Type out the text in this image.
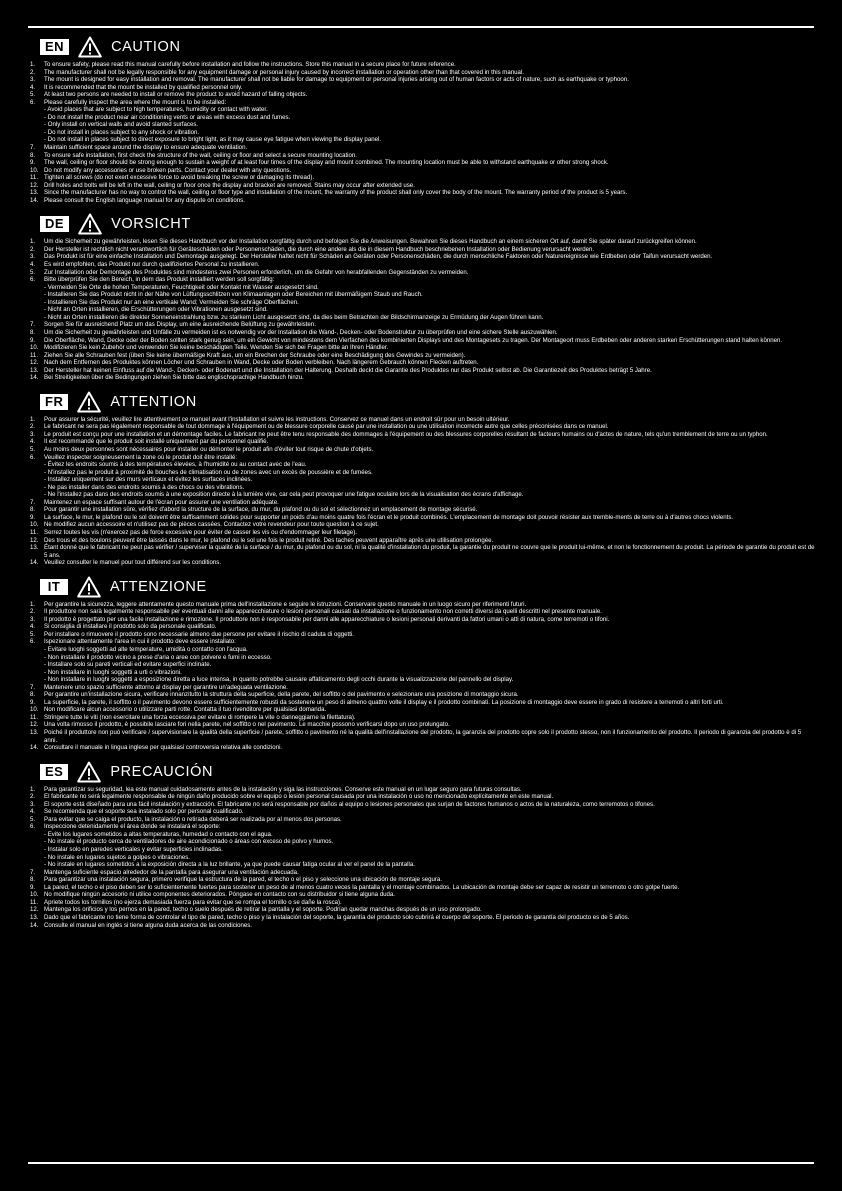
EN	CAUTION
1. To ensure safety, please read this manual carefully before installation and follow the instructions. Store this manual in a secure place for future reference.
2. The manufacturer shall not be legally responsible for any equipment damage or personal injury caused by incorrect installation or operation other than that covered in this manual.
3. The mount is designed for easy installation and removal. The manufacturer shall not be liable for damage to equipment or personal injuries arising out of human factors or acts of nature, such as earthquake or typhoon.
4. It is recommended that the mount be installed by qualified personnel only.
5. At least two persons are needed to install or remove the product to avoid hazard of falling objects.
6. Please carefully inspect the area where the mount is to be installed:
- Avoid places that are subject to high temperatures, humidity or contact with water.
- Do not install the product near air conditioning vents or areas with excess dust and fumes.
- Only install on vertical walls and avoid slanted surfaces.
- Do not install in places subject to any shock or vibration.
- Do not install in places subject to direct exposure to bright light, as it may cause eye fatigue when viewing the display panel.
7. Maintain sufficient space around the display to ensure adequate ventilation.
8. To ensure safe installation, first check the structure of the wall, ceiling or floor and select a secure mounting location.
9. The wall, ceiling or floor should be strong enough to sustain a weight of at least four times of the display and mount combined. The mounting location must be able to withstand earthquake or other strong shock.
10. Do not modify any accessories or use broken parts. Contact your dealer with any questions.
11. Tighten all screws (do not exert excessive force to avoid breaking the screw or damaging its thread).
12. Drill holes and bolts will be left in the wall, ceiling or floor once the display and bracket are removed. Stains may occur after extended use.
13. Since the manufacturer has no way to control the wall, ceiling or floor type and installation of the mount, the warranty of the product shall only cover the body of the mount. The warranty period of the product is 5 years.
14. Please consult the English language manual for any dispute on conditions.
DE	VORSICHT
1. Um die Sicherheit zu gewährleisten, lesen Sie dieses Handbuch vor der Installation sorgfältig durch und befolgen Sie die Anweisungen. Bewahren Sie dieses Handbuch an einem sicheren Ort auf, damit Sie später darauf zurückgreifen können.
2. Der Hersteller ist rechtlich nicht verantwortlich für Geräteschäden oder Personenschäden, die durch eine andere als die in diesem Handbuch beschriebenen Installation oder Bedienung verursacht werden.
3. Das Produkt ist für eine einfache Installation und Demontage ausgelegt. Der Hersteller haftet nicht für Schäden an Geräten oder Personenschäden, die durch menschliche Faktoren oder Naturereignisse wie Erdbeben oder Taifun verursacht werden.
4. Es wird empfohlen, das Produkt nur durch qualifiziertes Personal zu installieren.
5. Zur Installation oder Demontage des Produktes sind mindestens zwei Personen erforderlich, um die Gefahr von herabfallenden Gegenständen zu vermeiden.
6. Bitte überprüfen Sie den Bereich, in dem das Produkt installiert werden soll sorgfältig:
- Vermeiden Sie Orte die hohen Temperaturen, Feuchtigkeit oder Kontakt mit Wasser ausgesetzt sind.
- Installieren Sie das Produkt nicht in der Nähe von Lüftungsschlitzen von Klimaanlagen oder Bereichen mit übermäßigem Staub und Rauch.
- Installieren Sie das Produkt nur an eine vertikale Wand; Vermeiden Sie schräge Oberflächen.
- Nicht an Orten installieren, die Erschütterungen oder Vibrationen ausgesetzt sind.
- Nicht an Orten installieren die direkter Sonneneinstrahlung bzw. zu starkem Licht ausgesetzt sind, da dies beim Betrachten der Bildschirmanzeige zu Ermüdung der Augen führen kann.
7. Sorgen Sie für ausreichend Platz um das Display, um eine ausreichende Belüftung zu gewährleisten.
8. Um die Sicherheit zu gewährleisten und Unfälle zu vermeiden ist es notwendig vor der Installation die Wand-, Decken- oder Bodenstruktur zu überprüfen und eine sichere Stelle auszuwählen.
9. Die Oberfläche, Wand, Decke oder der Boden sollten stark genug sein, um ein Gewicht von mindestens dem Vierfachen des kombinierten Displays und des Montagesets zu tragen. Der Montageort muss Erdbeben oder anderen starken Erschütterungen stand halten können.
10. Modifizieren Sie kein Zubehör und verwenden Sie keine beschädigten Teile. Wenden Sie sich bei Fragen bitte an Ihren Händler.
11. Ziehen Sie alle Schrauben fest (üben Sie keine übermäßige Kraft aus, um ein Brechen der Schraube oder eine Beschädigung des Gewindes zu vermeiden).
12. Nach dem Entfernen des Produktes können Löcher und Schrauben in Wand, Decke oder Boden verbleiben. Nach längerem Gebrauch können Flecken auftreten.
13. Der Hersteller hat keinen Einfluss auf die Wand-, Decken- oder Bodenart und die Installation der Halterung. Deshalb deckt die Garantie des Produktes nur das Produkt selbst ab. Die Garantiezeit des Produktes beträgt 5 Jahre.
14. Bei Streitigkeiten über die Bedingungen ziehen Sie bitte das englischsprachige Handbuch hinzu.
FR	ATTENTION
1. Pour assurer la sécurité, veuillez lire attentivement ce manuel avant l'installation et suivre les instructions. Conservez ce manuel dans un endroit sûr pour un besoin ultérieur.
2. Le fabricant ne sera pas légalement responsable de tout dommage à l'équipement ou de blessure corporelle causé par une installation ou une utilisation incorrecte autre que celles préconisées dans ce manuel.
3. Le produit est conçu pour une installation et un démontage faciles. Le fabricant ne peut être tenu responsable des dommages à l'équipement ou des blessures corporelles résultant de facteurs humains ou d'actes de nature, tels qu'un tremblement de terre ou un typhon.
4. Il est recommandé que le produit soit installé uniquement par du personnel qualifié.
5. Au moins deux personnes sont nécessaires pour installer ou démonter le produit afin d'éviter tout risque de chute d'objets.
6. Veuillez inspecter soigneusement la zone où le produit doit être installé:
- Évitez les endroits soumis à des températures élevées, à l'humidité ou au contact avec de l'eau.
- N'installez pas le produit à proximité de bouches de climatisation ou de zones avec un excès de poussière et de fumées.
- Installez uniquement sur des murs verticaux et évitez les surfaces inclinées.
- Ne pas installer dans des endroits soumis à des chocs ou des vibrations.
- Ne l'installez pas dans des endroits soumis à une exposition directe à la lumière vive, car cela peut provoquer une fatigue oculaire lors de la visualisation des écrans d'affichage.
7. Maintenez un espace suffisant autour de l'écran pour assurer une ventilation adéquate.
8. Pour garantir une installation sûre, vérifiez d'abord la structure de la surface, du mur, du plafond ou du sol et sélectionnez un emplacement de montage sécurisé.
9. La surface, le mur, le plafond ou le sol doivent être suffisamment solides pour supporter un poids d'au moins quatre fois l'écran et le produit combinés. L'emplacement de montage doit pouvoir résister aux tremble-ments de terre ou à d'autres chocs violents.
10. Ne modifiez aucun accessoire et n'utilisez pas de pièces cassées. Contactez votre revendeur pour toute question à ce sujet.
11. Serrez toutes les vis (n'exercez pas de force excessive pour éviter de casser les vis ou d'endommager leur filetage).
12. Des trous et des boulons peuvent être laissés dans le mur, le plafond ou le sol une fois le produit retiré. Des taches peuvent apparaître après une utilisation prolongée.
13. Étant donné que le fabricant ne peut pas vérifier / superviser la qualité de la surface / du mur, du plafond ou du sol, ni la qualité d'installation du produit, la garantie du produit ne couvre que le produit lui-même, et non le fonctionnement du produit. La période de garantie du produit est de 5 ans.
14. Veuillez consulter le manuel pour tout différend sur les conditions.
IT	ATTENZIONE
1. Per garantire la sicurezza, leggere attentamente questo manuale prima dell'installazione e seguire le istruzioni. Conservare questo manuale in un luogo sicuro per riferimenti futuri.
2. Il produttore non sarà legalmente responsabile per eventuali danni alle apparecchiature o lesioni personali causati da installazione o funzionamento non corretti diversi da quelli descritti nel presente manuale.
3. Il prodotto è progettato per una facile installazione e rimozione. Il produttore non è responsabile per danni alle apparecchiature o lesioni personali derivanti da fattori umani o atti di natura, come terremoti o tifoni.
4. Si consiglia di installare il prodotto solo da personale qualificato.
5. Per installare o rimuovere il prodotto sono necessarie almeno due persone per evitare il rischio di caduta di oggetti.
6. Ispezionare attentamente l'area in cui il prodotto deve essere installato:
- Evitare luoghi soggetti ad alte temperature, umidità o contatto con l'acqua.
- Non installare il prodotto vicino a prese d'aria o aree con polvere e fumi in eccesso.
- Installare solo su pareti verticali ed evitare superfici inclinate.
- Non installare in luoghi soggetti a urti o vibrazioni.
- Non installare in luoghi soggetti a esposizione diretta a luce intensa, in quanto potrebbe causare affaticamento degli occhi durante la visualizzazione del pannello del display.
7. Mantenere uno spazio sufficiente attorno al display per garantire un'adeguata ventilazione.
8. Per garantire un'installazione sicura, verificare innanzitutto la struttura della superficie, della parete, del soffitto o del pavimento e selezionare una posizione di montaggio sicura.
9. La superficie, la parete, il soffitto o il pavimento devono essere sufficientemente robusti da sostenere un peso di almeno quattro volte il display e il prodotto combinati. La posizione di montaggio deve essere in grado di resistere a terremoti o altri forti urti.
10. Non modificare alcun accessorio o utilizzare parti rotte. Contatta il tuo rivenditore per qualsiasi domanda.
11. Stringere tutte le viti (non esercitare una forza eccessiva per evitare di rompere la vite o danneggiarne la filettatura).
12. Una volta rimosso il prodotto, è possibile lasciare fori nella parete, nel soffitto o nel pavimento. Le macchie possono verificarsi dopo un uso prolungato.
13. Poiché il produttore non può verificare / supervisionare la qualità della superficie / parete, soffitto o pavimento né la qualità dell'installazione del prodotto, la garanzia del prodotto copre solo il prodotto stesso, non il funzionamento del prodotto. Il periodo di garanzia del prodotto è di 5 anni.
14. Consultare il manuale in lingua inglese per qualsiasi controversia relativa alle condizioni.
ES	PRECAUCIÓN
1. Para garantizar su seguridad, lea este manual cuidadosamente antes de la instalación y siga las instrucciones. Conserve este manual en un lugar seguro para futuras consultas.
2. El fabricante no será legalmente responsable de ningún daño producido sobre el equipo o lesión personal causada por una instalación o uso no mencionado explícitamente en este manual.
3. El soporte está diseñado para una fácil instalación y extracción. El fabricante no será responsable por daños al equipo o lesiones personales que surjan de factores humanos o actos de la naturaleza, como terremotos o tifones.
4. Se recomienda que el soporte sea instalado solo por personal cualificado.
5. Para evitar que se caiga el producto, la instalación o retirada deberá ser realizada por al menos dos personas.
6. Inspeccione detenidamente el área donde se instalará el soporte:
- Evite los lugares sometidos a altas temperaturas, humedad o contacto con el agua.
- No instale el producto cerca de ventiladores de aire acondicionado o áreas con exceso de polvo y humos.
- Instalar solo en paredes verticales y evitar superficies inclinadas.
- No instale en lugares sujetos a golpes o vibraciones.
- No instale en lugares sometidos a la exposición directa a la luz brillante, ya que puede causar fatiga ocular al ver el panel de la pantalla.
7. Mantenga suficiente espacio alrededor de la pantalla para asegurar una ventilación adecuada.
8. Para garantizar una instalación segura, primero verifique la estructura de la pared, el techo o el piso y seleccione una ubicación de montaje segura.
9. La pared, el techo o el piso deben ser lo suficientemente fuertes para sostener un peso de al menos cuatro veces la pantalla y el montaje combinados. La ubicación de montaje debe ser capaz de resistir un terremoto o otro golpe fuerte.
10. No modifique ningún accesorio ni utilice componentes deteriorados. Póngase en contacto con su distribuidor si tiene alguna duda.
11. Apriete todos los tornillos (no ejerza demasiada fuerza para evitar que se rompa el tornillo o se dañe la rosca).
12. Mantenga los orificios y los pernos en la pared, techo o suelo después de retirar la pantalla y el soporte. Podrían quedar manchas después de un uso prolongado.
13. Dado que el fabricante no tiene forma de controlar el tipo de pared, techo o piso y la instalación del soporte, la garantía del producto solo cubrirá el cuerpo del soporte. El periodo de garantía del producto es de 5 años.
14. Consulte el manual en inglés si tiene alguna duda acerca de las condiciones.
